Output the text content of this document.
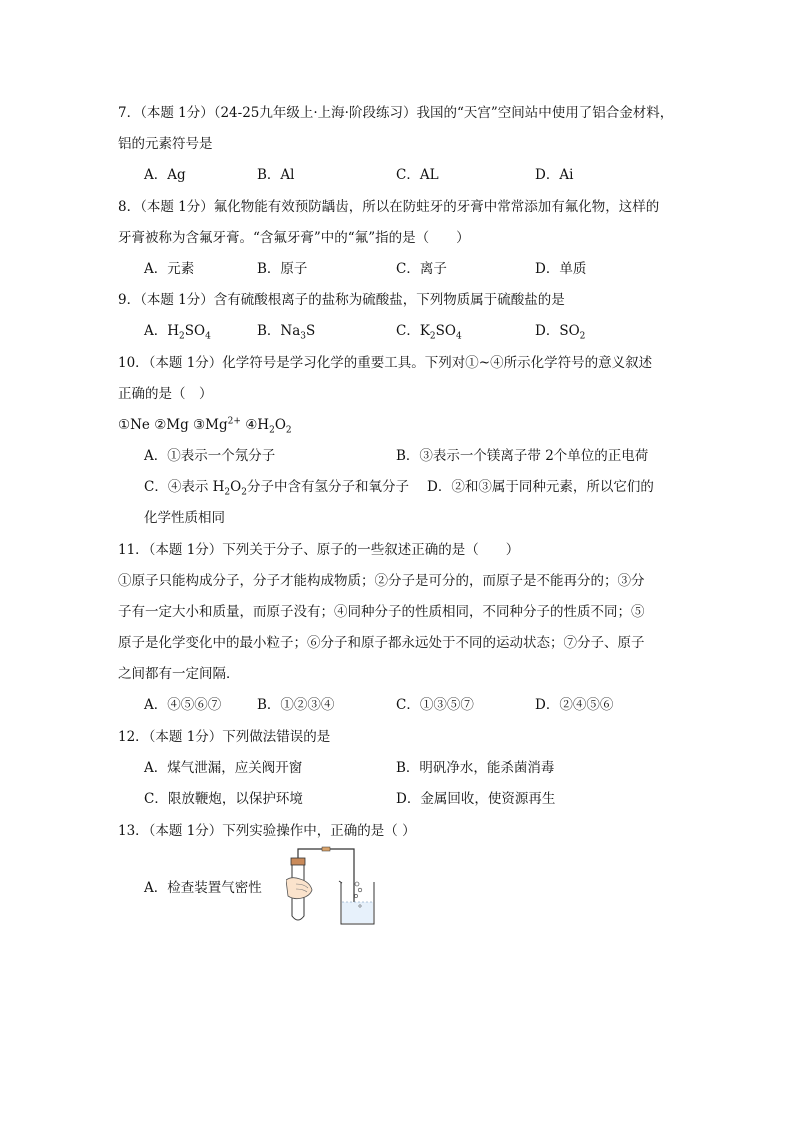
7．（本题 1分）（24-25九年级上·上海·阶段练习）我国的“天宫”空间站中使用了铝合金材料，
铝的元素符号是
A．Ag	B．Al	C．AL	D．Ai
8．（本题 1分）氟化物能有效预防龋齿，所以在防蛀牙的牙膏中常常添加有氟化物，这样的
牙膏被称为含氟牙膏。“含氟牙膏”中的“氟”指的是（　　）
A．元素	B．原子	C．离子	D．单质
9．（本题 1分）含有硫酸根离子的盐称为硫酸盐，下列物质属于硫酸盐的是
A．$H_2SO_4$	B．$Na_3S$	C．$K_2SO_4$	D．$SO_2$
10．（本题 1分）化学符号是学习化学的重要工具。下列对①~④所示化学符号的意义叙述
正确的是（　）
①Ne ②Mg $③Mg^{2+}$ $④H_2O_2$
A．①表示一个氖分子	B．③表示一个镁离子带 2个单位的正电荷
C．④表示 $H_2O_2$分子中含有氢分子和氧分子 D．②和③属于同种元素，所以它们的
化学性质相同
11．（本题 1分）下列关于分子、原子的一些叙述正确的是（　　）
①原子只能构成分子，分子才能构成物质；②分子是可分的，而原子是不能再分的；③分
子有一定大小和质量，而原子没有；④同种分子的性质相同，不同种分子的性质不同；⑤
原子是化学变化中的最小粒子；⑥分子和原子都永远处于不同的运动状态；⑦分子、原子
之间都有一定间隔．
A．④⑤⑥⑦	B．①②③④	C．①③⑤⑦	D．②④⑤⑥
12．（本题 1分）下列做法错误的是
A．煤气泄漏，应关阀开窗	B．明矾净水，能杀菌消毒
C．限放鞭炮，以保护环境	D．金属回收，使资源再生
13．（本题 1分）下列实验操作中，正确的是（ ）
A．检查装置气密性
